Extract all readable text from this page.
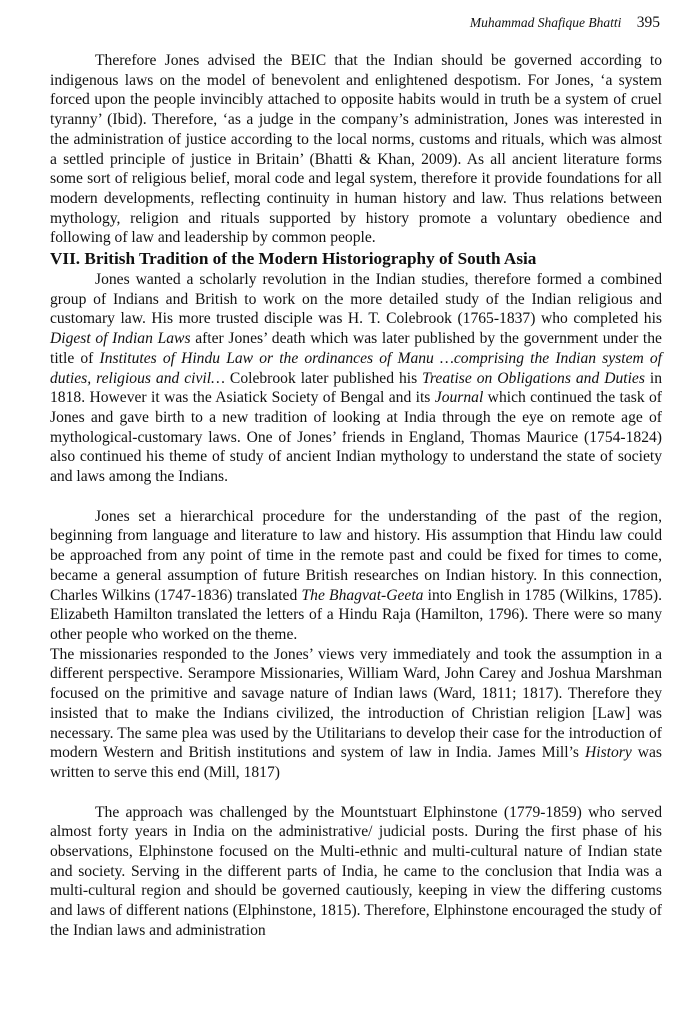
Muhammad Shafique Bhatti 395

Therefore Jones advised the BEIC that the Indian should be governed according to indigenous laws on the model of benevolent and enlightened despotism. For Jones, ‘a system forced upon the people invincibly attached to opposite habits would in truth be a system of cruel tyranny’ (Ibid). Therefore, ‘as a judge in the company’s administration, Jones was interested in the administration of justice according to the local norms, customs and rituals, which was almost a settled principle of justice in Britain’ (Bhatti & Khan, 2009). As all ancient literature forms some sort of religious belief, moral code and legal system, therefore it provide foundations for all modern developments, reflecting continuity in human history and law. Thus relations between mythology, religion and rituals supported by history promote a voluntary obedience and following of law and leadership by common people.

VII. British Tradition of the Modern Historiography of South Asia

Jones wanted a scholarly revolution in the Indian studies, therefore formed a combined group of Indians and British to work on the more detailed study of the Indian religious and customary law. His more trusted disciple was H. T. Colebrook (1765-1837) who completed his Digest of Indian Laws after Jones’ death which was later published by the government under the title of Institutes of Hindu Law or the ordinances of Manu …comprising the Indian system of duties, religious and civil… Colebrook later published his Treatise on Obligations and Duties in 1818. However it was the Asiatick Society of Bengal and its Journal which continued the task of Jones and gave birth to a new tradition of looking at India through the eye on remote age of mythological-customary laws. One of Jones’ friends in England, Thomas Maurice (1754-1824) also continued his theme of study of ancient Indian mythology to understand the state of society and laws among the Indians.

Jones set a hierarchical procedure for the understanding of the past of the region, beginning from language and literature to law and history. His assumption that Hindu law could be approached from any point of time in the remote past and could be fixed for times to come, became a general assumption of future British researches on Indian history. In this connection, Charles Wilkins (1747-1836) translated The Bhagvat-Geeta into English in 1785 (Wilkins, 1785). Elizabeth Hamilton translated the letters of a Hindu Raja (Hamilton, 1796). There were so many other people who worked on the theme.

The missionaries responded to the Jones’ views very immediately and took the assumption in a different perspective. Serampore Missionaries, William Ward, John Carey and Joshua Marshman focused on the primitive and savage nature of Indian laws (Ward, 1811; 1817). Therefore they insisted that to make the Indians civilized, the introduction of Christian religion [Law] was necessary. The same plea was used by the Utilitarians to develop their case for the introduction of modern Western and British institutions and system of law in India. James Mill’s History was written to serve this end (Mill, 1817)

The approach was challenged by the Mountstuart Elphinstone (1779-1859) who served almost forty years in India on the administrative/ judicial posts. During the first phase of his observations, Elphinstone focused on the Multi-ethnic and multi-cultural nature of Indian state and society. Serving in the different parts of India, he came to the conclusion that India was a multi-cultural region and should be governed cautiously, keeping in view the differing customs and laws of different nations (Elphinstone, 1815). Therefore, Elphinstone encouraged the study of the Indian laws and administration
